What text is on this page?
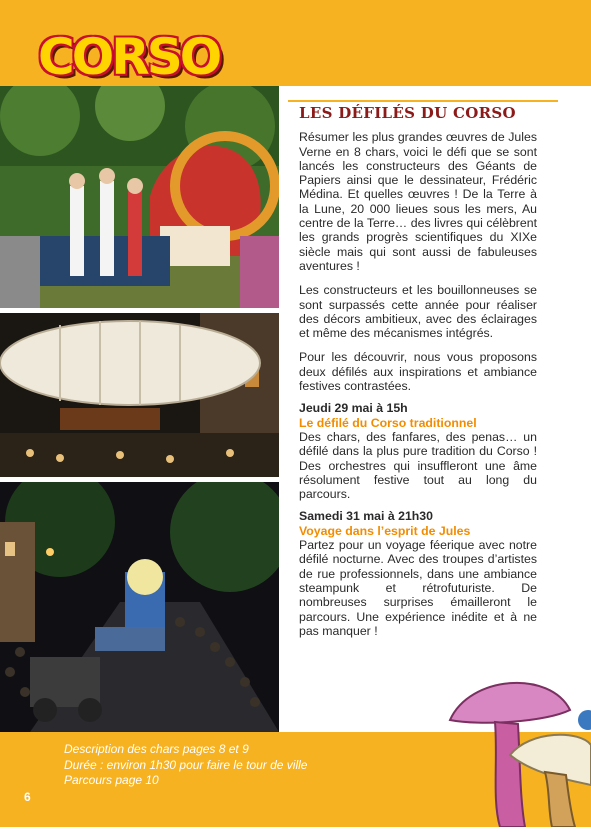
CORSO
LES DÉFILÉS DU CORSO

Résumer les plus grandes œuvres de Jules Verne en 8 chars, voici le défi que se sont lancés les constructeurs des Géants de Papiers ainsi que le dessinateur, Frédéric Médina. Et quelles œuvres ! De la Terre à la Lune, 20 000 lieues sous les mers, Au centre de la Terre… des livres qui célèbrent les grands progrès scientifiques du XIXe siècle mais qui sont aussi de fabuleuses aventures !

Les constructeurs et les bouillonneuses se sont surpassés cette année pour réaliser des décors ambitieux, avec des éclairages et même des mécanismes intégrés.

Pour les découvrir, nous vous proposons deux défilés aux inspirations et ambiance festives contrastées.

Jeudi 29 mai à 15h

Le défilé du Corso traditionnel

Des chars, des fanfares, des penas… un défilé dans la plus pure tradition du Corso ! Des orchestres qui insuffleront une âme résolument festive tout au long du parcours.

Samedi 31 mai à 21h30

Voyage dans l’esprit de Jules

Partez pour un voyage féerique avec notre défilé nocturne. Avec des troupes d’artistes de rue professionnels, dans une ambiance steampunk et rétrofuturiste. De nombreuses surprises émailleront le parcours. Une expérience inédite et à ne pas manquer !

Description des chars pages 8 et 9
Durée : environ 1h30 pour faire le tour de ville
Parcours page 10
6
